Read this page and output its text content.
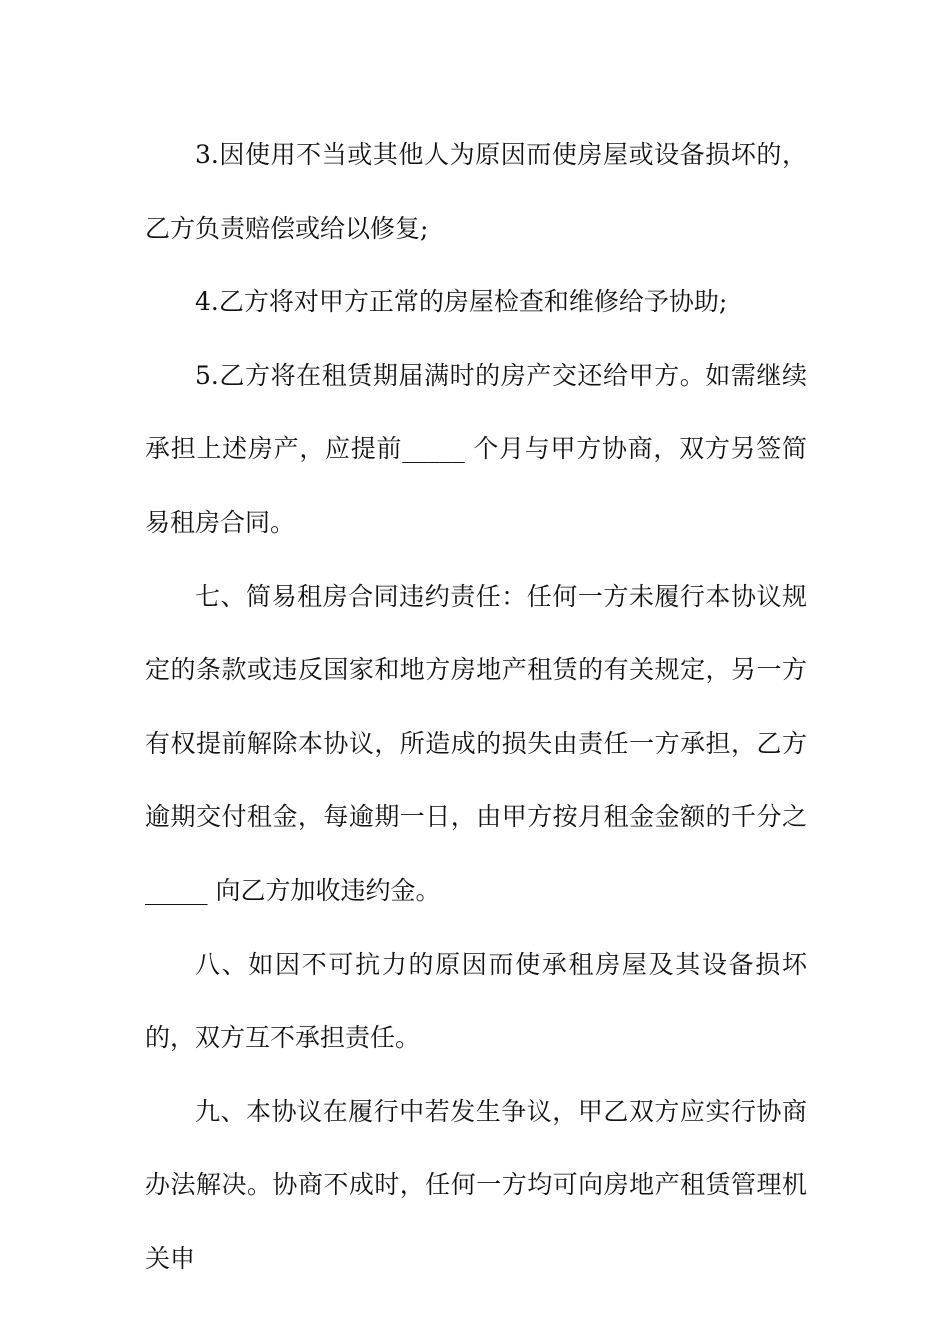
3.因使用不当或其他人为原因而使房屋或设备损坏的，乙方负责赔偿或给以修复;

4.乙方将对甲方正常的房屋检查和维修给予协助;

5.乙方将在租赁期届满时的房产交还给甲方。如需继续承担上述房产，应提前_____ 个月与甲方协商，双方另签简易租房合同。

七、简易租房合同违约责任：任何一方未履行本协议规定的条款或违反国家和地方房地产租赁的有关规定，另一方有权提前解除本协议，所造成的损失由责任一方承担，乙方逾期交付租金，每逾期一日，由甲方按月租金金额的千分之_____ 向乙方加收违约金。

八、如因不可抗力的原因而使承租房屋及其设备损坏的，双方互不承担责任。

九、本协议在履行中若发生争议，甲乙双方应实行协商办法解决。协商不成时，任何一方均可向房地产租赁管理机关申
